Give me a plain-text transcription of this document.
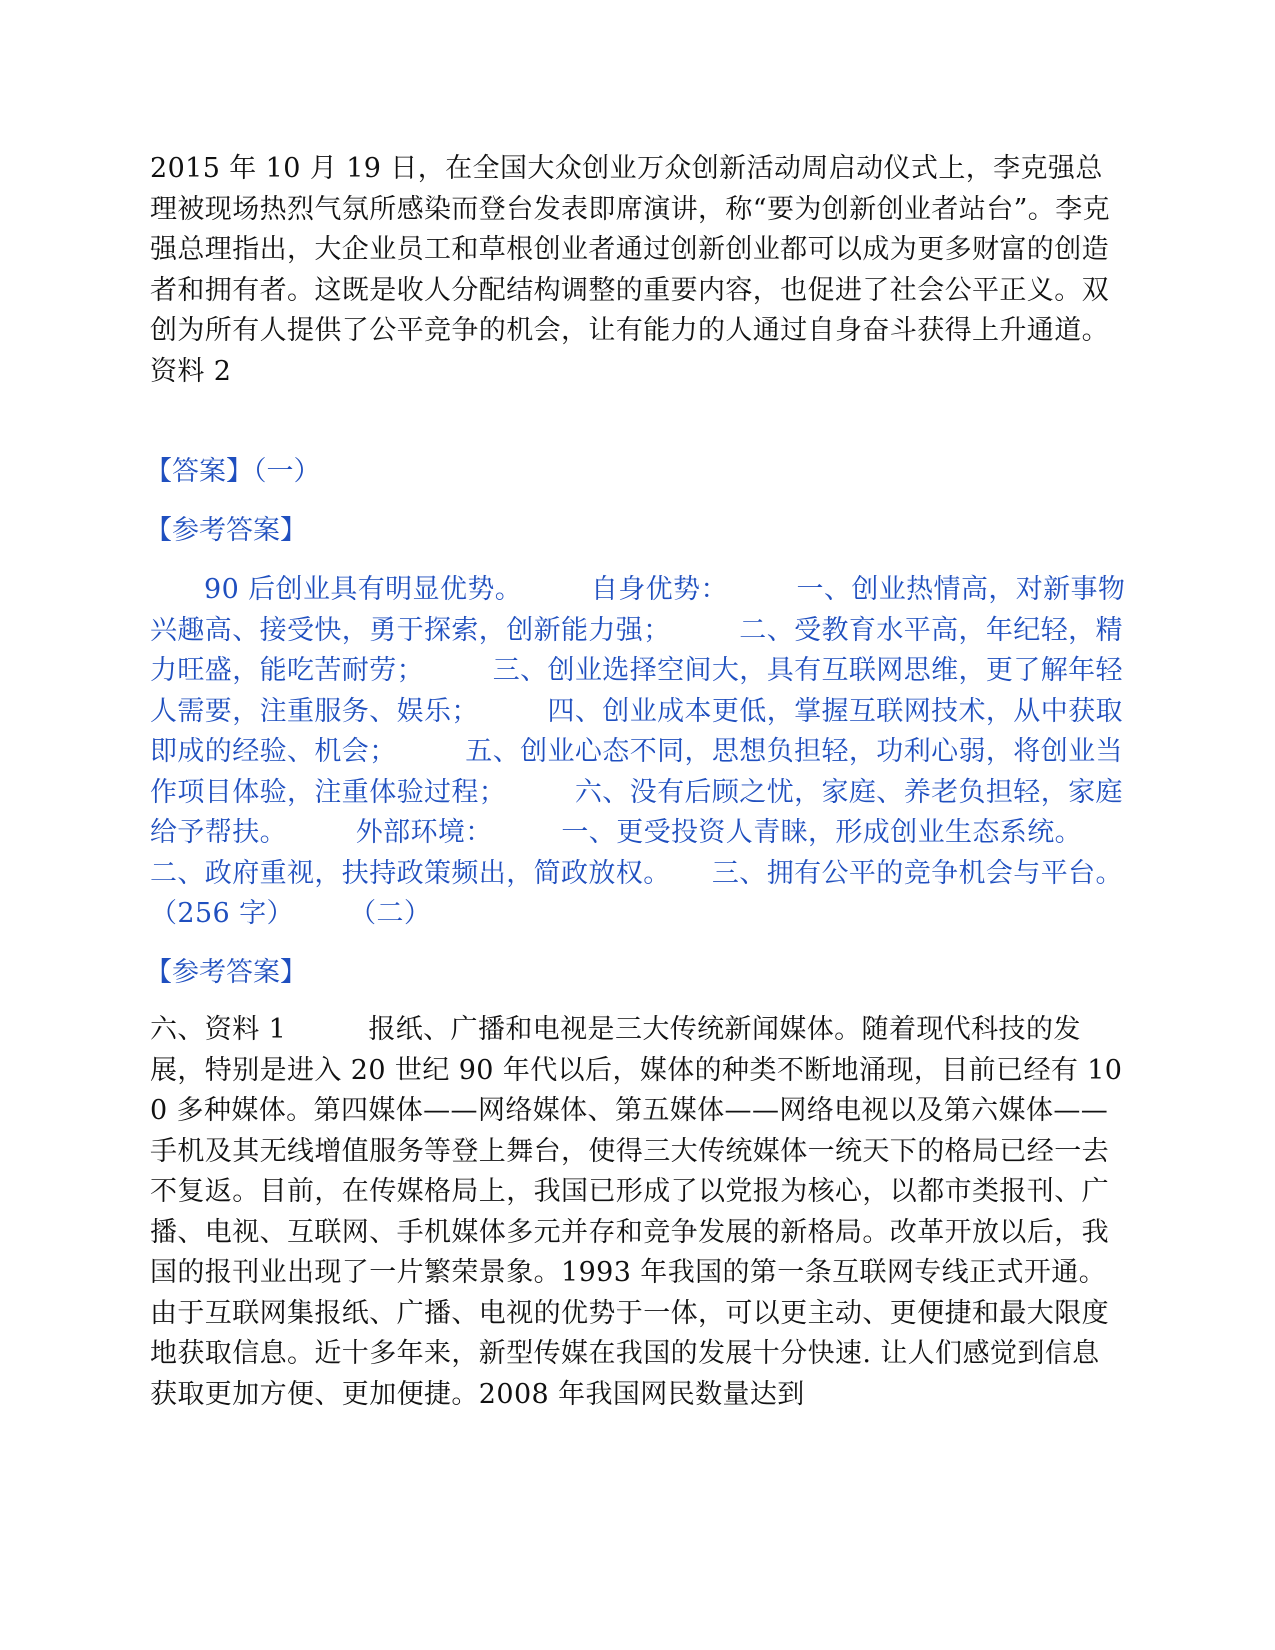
2015 年 10 月 19 日，在全国大众创业万众创新活动周启动仪式上，李克强总理被现场热烈气氛所感染而登台发表即席演讲，称“要为创新创业者站台”。李克强总理指出，大企业员工和草根创业者通过创新创业都可以成为更多财富的创造者和拥有者。这既是收人分配结构调整的重要内容，也促进了社会公平正义。双创为所有人提供了公平竞争的机会，让有能力的人通过自身奋斗获得上升通道。　　　资料 2

【答案】（一）

【参考答案】

90 后创业具有明显优势。　　　自身优势：　　　一、创业热情高，对新事物兴趣高、接受快，勇于探索，创新能力强；　　　二、受教育水平高，年纪轻，精力旺盛，能吃苦耐劳；　　　三、创业选择空间大，具有互联网思维，更了解年轻人需要，注重服务、娱乐；　　　四、创业成本更低，掌握互联网技术，从中获取即成的经验、机会；　　　五、创业心态不同，思想负担轻，功利心弱，将创业当作项目体验，注重体验过程；　　　六、没有后顾之忧，家庭、养老负担轻，家庭给予帮扶。　　　外部环境：　　　一、更受投资人青睐，形成创业生态系统。　　　二、政府重视，扶持政策频出，简政放权。　　三、拥有公平的竞争机会与平台。（256 字）　　　（二）

【参考答案】

六、资料 1　　　报纸、广播和电视是三大传统新闻媒体。随着现代科技的发展，特别是进入 20 世纪 90 年代以后，媒体的种类不断地涌现，目前已经有 100 多种媒体。第四媒体——网络媒体、第五媒体——网络电视以及第六媒体——手机及其无线增值服务等登上舞台，使得三大传统媒体一统天下的格局已经一去不复返。目前，在传媒格局上，我国已形成了以党报为核心，以都市类报刊、广播、电视、互联网、手机媒体多元并存和竞争发展的新格局。改革开放以后，我国的报刊业出现了一片繁荣景象。1993 年我国的第一条互联网专线正式开通。由于互联网集报纸、广播、电视的优势于一体，可以更主动、更便捷和最大限度地获取信息。近十多年来，新型传媒在我国的发展十分快速. 让人们感觉到信息获取更加方便、更加便捷。2008 年我国网民数量达到
